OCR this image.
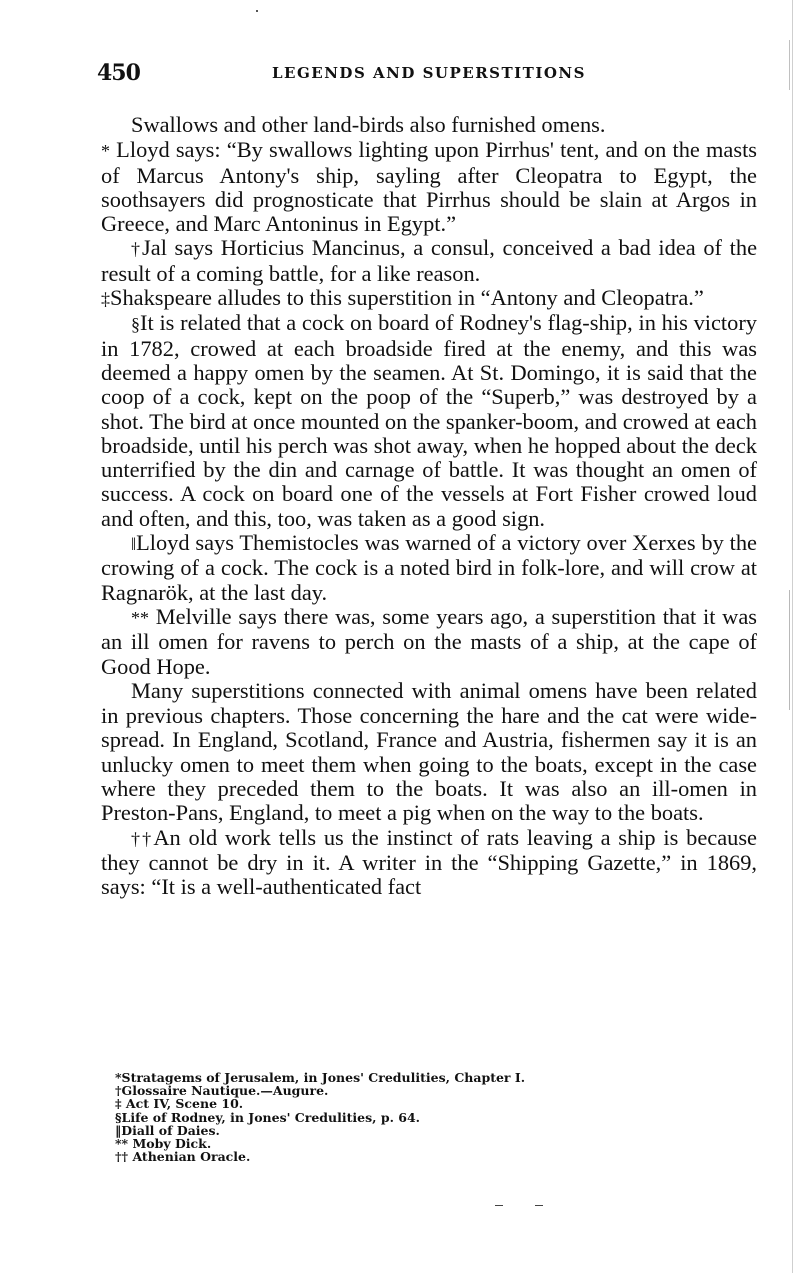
450	LEGENDS AND SUPERSTITIONS

Swallows and other land-birds also furnished omens.

* Lloyd says: “By swallows lighting upon Pirrhus' tent, and on the masts of Marcus Antony's ship, sayling after Cleopatra to Egypt, the soothsayers did prognosticate that Pirrhus should be slain at Argos in Greece, and Marc Antoninus in Egypt.”

†Jal says Horticius Mancinus, a consul, conceived a bad idea of the result of a coming battle, for a like reason.

‡Shakspeare alludes to this superstition in “Antony and Cleopatra.”

§It is related that a cock on board of Rodney's flag-ship, in his victory in 1782, crowed at each broadside fired at the enemy, and this was deemed a happy omen by the seamen. At St. Domingo, it is said that the coop of a cock, kept on the poop of the “Superb,” was destroyed by a shot. The bird at once mounted on the spanker-boom, and crowed at each broadside, until his perch was shot away, when he hopped about the deck unterrified by the din and carnage of battle. It was thought an omen of success. A cock on board one of the vessels at Fort Fisher crowed loud and often, and this, too, was taken as a good sign.

‖Lloyd says Themistocles was warned of a victory over Xerxes by the crowing of a cock. The cock is a noted bird in folk-lore, and will crow at Ragnarök, at the last day.

** Melville says there was, some years ago, a superstition that it was an ill omen for ravens to perch on the masts of a ship, at the cape of Good Hope.

Many superstitions connected with animal omens have been related in previous chapters. Those concerning the hare and the cat were wide-spread. In England, Scotland, France and Austria, fishermen say it is an unlucky omen to meet them when going to the boats, except in the case where they preceded them to the boats. It was also an ill-omen in Preston-Pans, England, to meet a pig when on the way to the boats.

††An old work tells us the instinct of rats leaving a ship is because they cannot be dry in it. A writer in the “Shipping Gazette,” in 1869, says: “It is a well-authenticated fact

*Stratagems of Jerusalem, in Jones' Credulities, Chapter I.
†Glossaire Nautique.—Augure.
‡ Act IV, Scene 10.
§Life of Rodney, in Jones' Credulities, p. 64.
‖Diall of Daies.
** Moby Dick.
†† Athenian Oracle.
